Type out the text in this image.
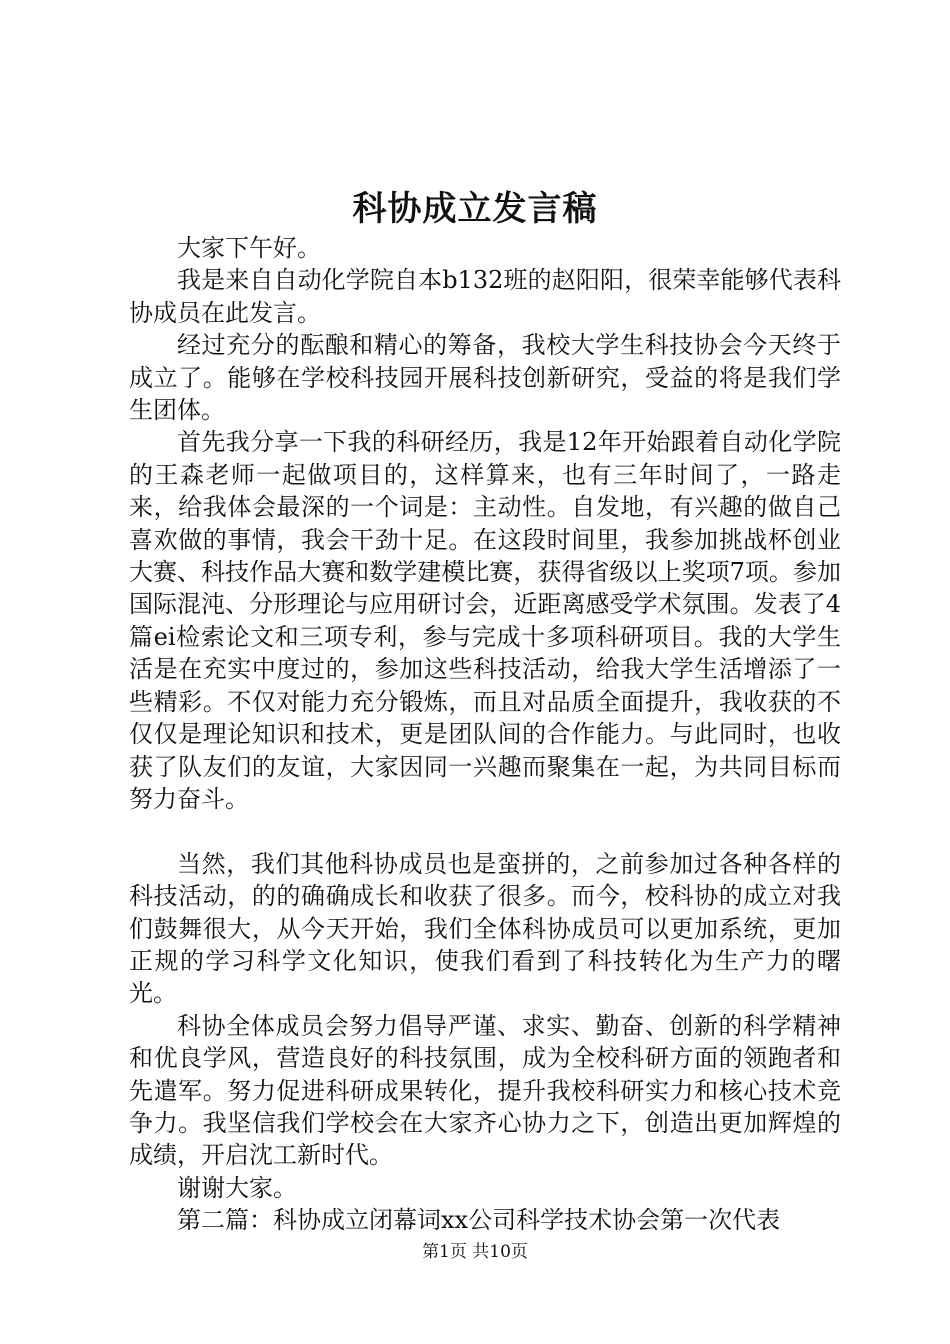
科协成立发言稿

大家下午好。

我是来自自动化学院自本b132班的赵阳阳，很荣幸能够代表科协成员在此发言。

经过充分的酝酿和精心的筹备，我校大学生科技协会今天终于成立了。能够在学校科技园开展科技创新研究，受益的将是我们学生团体。

首先我分享一下我的科研经历，我是12年开始跟着自动化学院的王森老师一起做项目的，这样算来，也有三年时间了，一路走来，给我体会最深的一个词是：主动性。自发地，有兴趣的做自己喜欢做的事情，我会干劲十足。在这段时间里，我参加挑战杯创业大赛、科技作品大赛和数学建模比赛，获得省级以上奖项7项。参加国际混沌、分形理论与应用研讨会，近距离感受学术氛围。发表了4篇ei检索论文和三项专利，参与完成十多项科研项目。我的大学生活是在充实中度过的，参加这些科技活动，给我大学生活增添了一些精彩。不仅对能力充分锻炼，而且对品质全面提升，我收获的不仅仅是理论知识和技术，更是团队间的合作能力。与此同时，也收获了队友们的友谊，大家因同一兴趣而聚集在一起，为共同目标而努力奋斗。

当然，我们其他科协成员也是蛮拼的，之前参加过各种各样的科技活动，的的确确成长和收获了很多。而今，校科协的成立对我们鼓舞很大，从今天开始，我们全体科协成员可以更加系统，更加正规的学习科学文化知识，使我们看到了科技转化为生产力的曙光。

科协全体成员会努力倡导严谨、求实、勤奋、创新的科学精神和优良学风，营造良好的科技氛围，成为全校科研方面的领跑者和先遣军。努力促进科研成果转化，提升我校科研实力和核心技术竞争力。我坚信我们学校会在大家齐心协力之下，创造出更加辉煌的成绩，开启沈工新时代。

谢谢大家。

第二篇：科协成立闭幕词xx公司科学技术协会第一次代表

第1页 共10页
